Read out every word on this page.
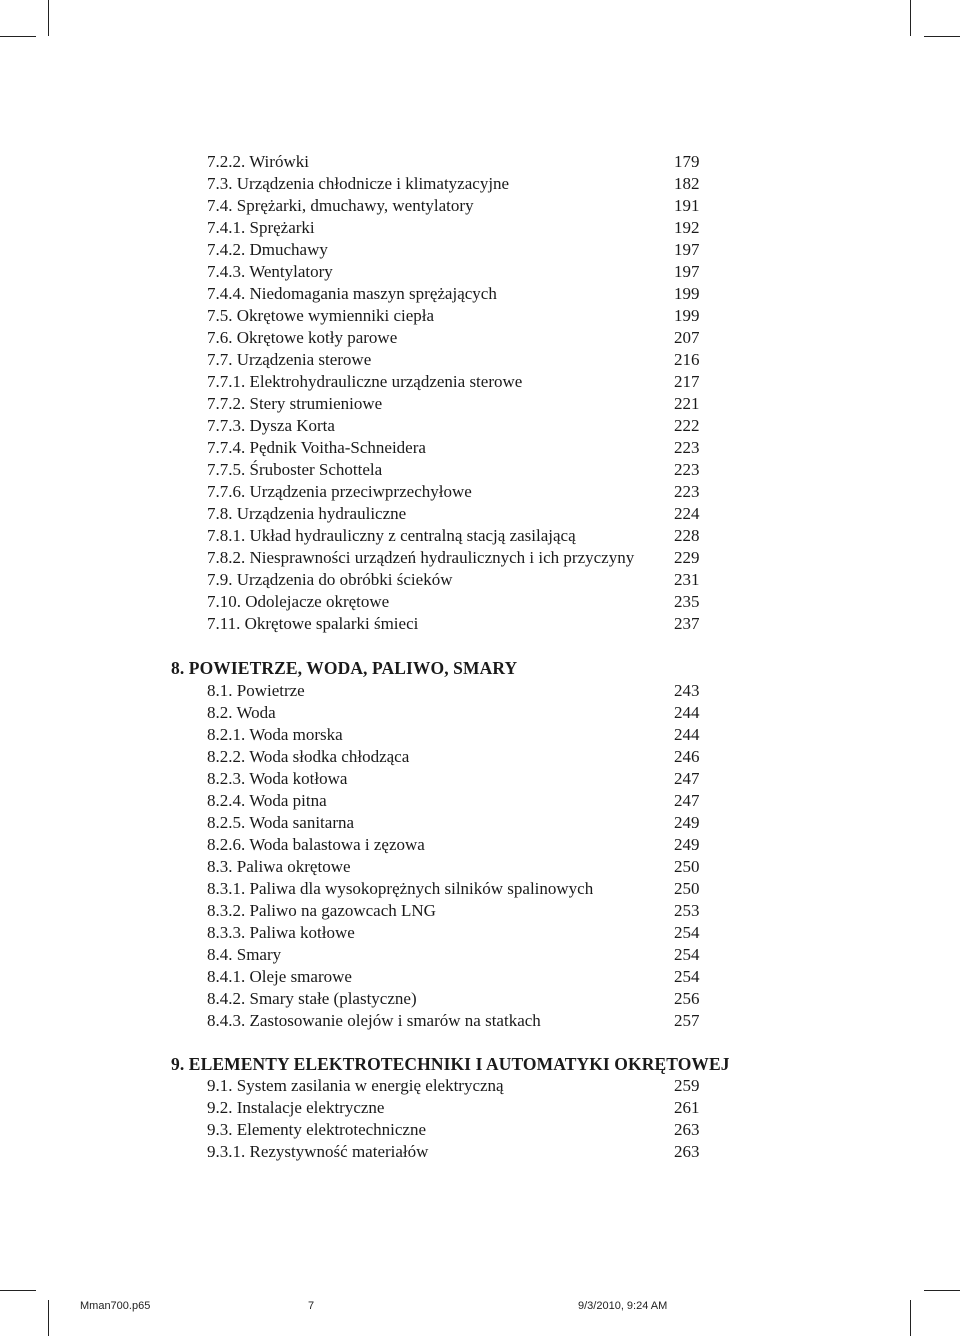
7.2.2. Wirówki	179
7.3. Urządzenia chłodnicze i klimatyzacyjne	182
7.4. Sprężarki, dmuchawy, wentylatory	191
7.4.1. Sprężarki	192
7.4.2. Dmuchawy	197
7.4.3. Wentylatory	197
7.4.4. Niedomagania maszyn sprężających	199
7.5. Okrętowe wymienniki ciepła	199
7.6. Okrętowe kotły parowe	207
7.7. Urządzenia sterowe	216
7.7.1. Elektrohydrauliczne urządzenia sterowe	217
7.7.2. Stery strumieniowe	221
7.7.3. Dysza Korta	222
7.7.4. Pędnik Voitha-Schneidera	223
7.7.5. Śruboster Schottela	223
7.7.6. Urządzenia przeciwprzechyłowe	223
7.8. Urządzenia hydrauliczne	224
7.8.1. Układ hydrauliczny z centralną stacją zasilającą	228
7.8.2. Niesprawności urządzeń hydraulicznych i ich przyczyny 229
7.9. Urządzenia do obróbki ścieków	231
7.10. Odolejacze okrętowe	235
7.11. Okrętowe spalarki śmieci	237
8. POWIETRZE, WODA, PALIWO, SMARY
8.1. Powietrze	243
8.2. Woda	244
8.2.1. Woda morska	244
8.2.2. Woda słodka chłodząca	246
8.2.3. Woda kotłowa	247
8.2.4. Woda pitna	247
8.2.5. Woda sanitarna	249
8.2.6. Woda balastowa i zęzowa	249
8.3. Paliwa okrętowe	250
8.3.1. Paliwa dla wysokoprężnych silników spalinowych	250
8.3.2. Paliwo na gazowcach LNG	253
8.3.3. Paliwa kotłowe	254
8.4. Smary	254
8.4.1. Oleje smarowe	254
8.4.2. Smary stałe (plastyczne)	256
8.4.3. Zastosowanie olejów i smarów na statkach	257
9. ELEMENTY ELEKTROTECHNIKI I AUTOMATYKI OKRĘTOWEJ
9.1. System zasilania w energię elektryczną	259
9.2. Instalacje elektryczne	261
9.3. Elementy elektrotechniczne	263
9.3.1. Rezystywność materiałów	263
Mman700.p65	7	9/3/2010, 9:24 AM
